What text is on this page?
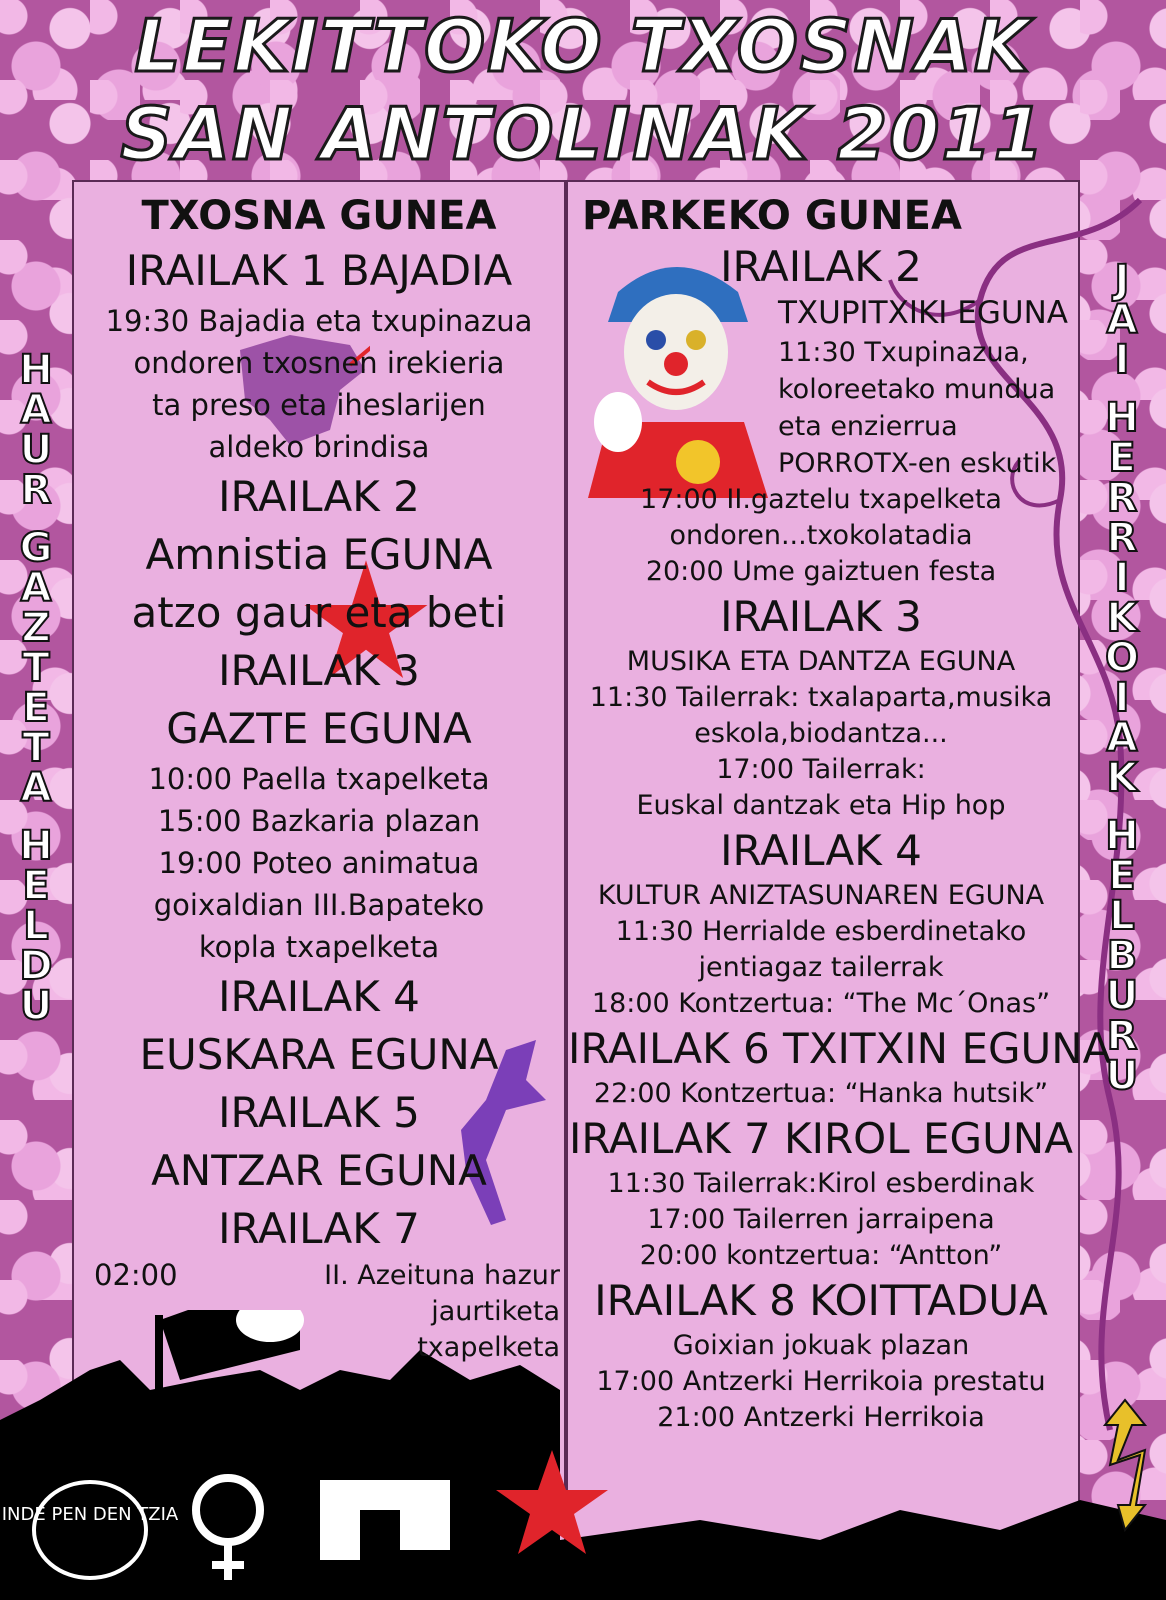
LEKITTOKO TXOSNAK
SAN ANTOLINAK 2011
INDE PEN DEN TZIA
H
A
U
R

G
A
Z
T
E
T
A

H
E
L
D
U
J
A
I

H
E
R
R
I
K
O
I
A
K

H
E
L
B
U
R
U
TXOSNA GUNEA
IRAILAK 1 BAJADIA
19:30 Bajadia eta txupinazua
ondoren txosnen irekieria
ta preso eta iheslarijen
aldeko brindisa
IRAILAK 2
Amnistia EGUNA
atzo gaur eta beti
IRAILAK 3
GAZTE EGUNA
10:00 Paella txapelketa
15:00 Bazkaria plazan
19:00 Poteo animatua
goixaldian III.Bapateko
kopla txapelketa
IRAILAK 4
EUSKARA EGUNA
IRAILAK 5
ANTZAR EGUNA
IRAILAK 7
02:00	II. Azeituna hazur
jaurtiketa
txapelketa
PARKEKO GUNEA
IRAILAK 2
TXUPITXIKI EGUNA
11:30 Txupinazua,
koloreetako mundua
eta enzierrua
PORROTX-en eskutik
17:00 II.gaztelu txapelketa
ondoren...txokolatadia
20:00 Ume gaiztuen festa
IRAILAK 3
MUSIKA ETA DANTZA EGUNA
11:30 Tailerrak: txalaparta,musika
eskola,biodantza...
17:00 Tailerrak:
Euskal dantzak eta Hip hop
IRAILAK 4
KULTUR ANIZTASUNAREN EGUNA
11:30 Herrialde esberdinetako
jentiagaz tailerrak
18:00 Kontzertua: “The Mc´Onas”
IRAILAK 6 TXITXIN EGUNA
22:00 Kontzertua: “Hanka hutsik”
IRAILAK 7 KIROL EGUNA
11:30 Tailerrak:Kirol esberdinak
17:00 Tailerren jarraipena
20:00 kontzertua: “Antton”
IRAILAK 8 KOITTADUA
Goixian jokuak plazan
17:00 Antzerki Herrikoia prestatu
21:00 Antzerki Herrikoia
